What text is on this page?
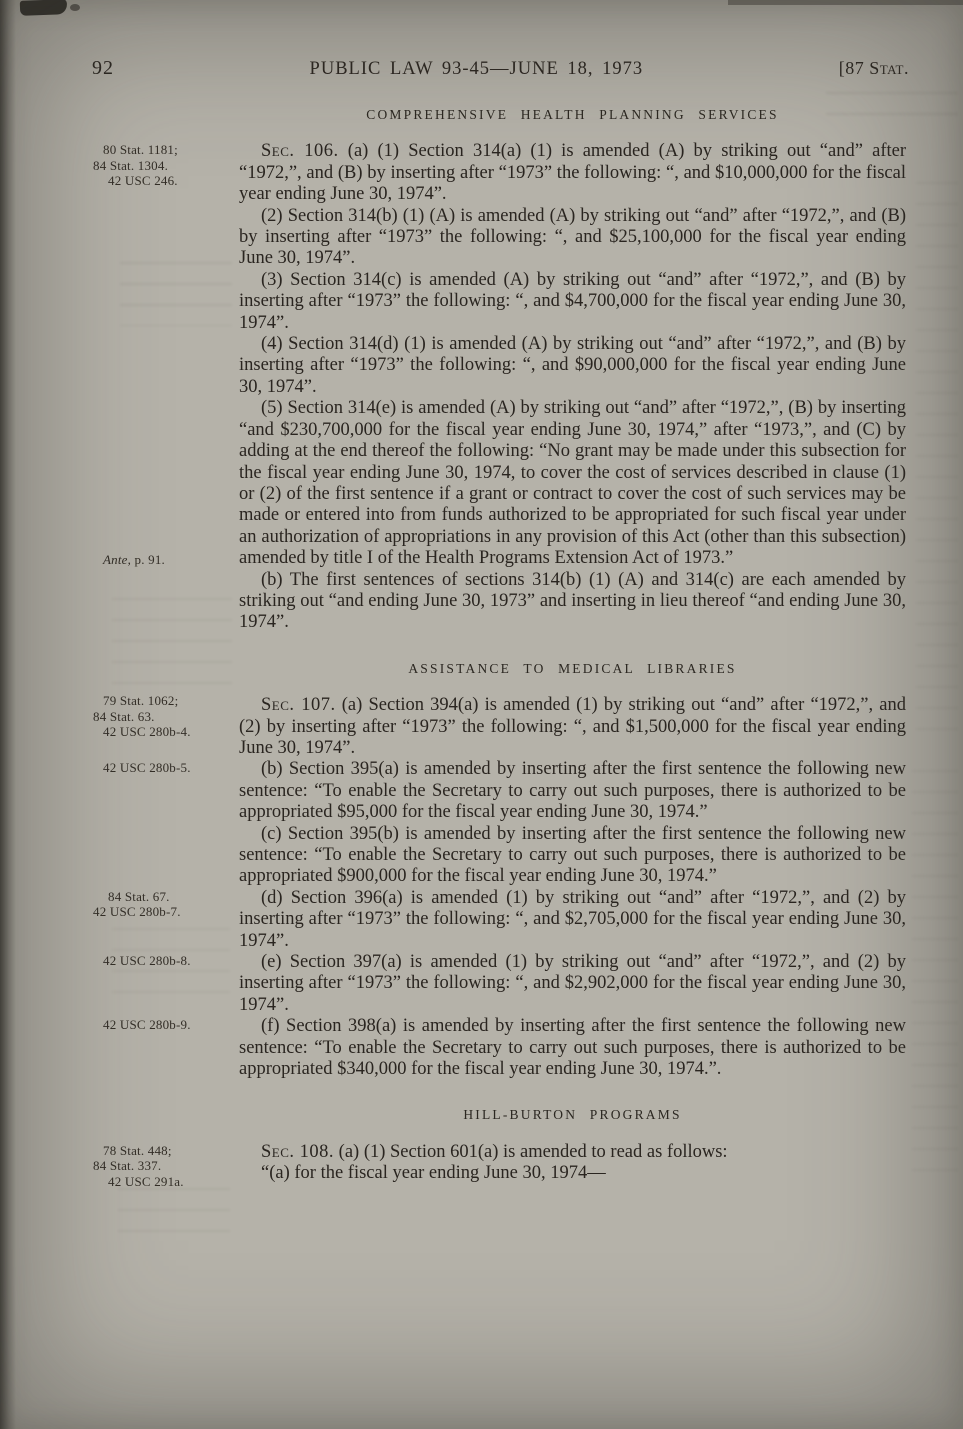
92	PUBLIC LAW 93-45—JUNE 18, 1973	[87 Stat.
COMPREHENSIVE HEALTH PLANNING SERVICES

80 Stat. 1181;
84 Stat. 1304.
42 USC 246.
Sec. 106. (a) (1) Section 314(a) (1) is amended (A) by striking out “and” after “1972,”, and (B) by inserting after “1973” the following: “, and $10,000,000 for the fiscal year ending June 30, 1974”.

(2) Section 314(b) (1) (A) is amended (A) by striking out “and” after “1972,”, and (B) by inserting after “1973” the following: “, and $25,100,000 for the fiscal year ending June 30, 1974”.

(3) Section 314(c) is amended (A) by striking out “and” after “1972,”, and (B) by inserting after “1973” the following: “, and $4,700,000 for the fiscal year ending June 30, 1974”.

(4) Section 314(d) (1) is amended (A) by striking out “and” after “1972,”, and (B) by inserting after “1973” the following: “, and $90,000,000 for the fiscal year ending June 30, 1974”.

Ante, p. 91.
(5) Section 314(e) is amended (A) by striking out “and” after “1972,”, (B) by inserting “and $230,700,000 for the fiscal year ending June 30, 1974,” after “1973,”, and (C) by adding at the end thereof the following: “No grant may be made under this subsection for the fiscal year ending June 30, 1974, to cover the cost of services described in clause (1) or (2) of the first sentence if a grant or contract to cover the cost of such services may be made or entered into from funds authorized to be appropriated for such fiscal year under an authorization of appropriations in any provision of this Act (other than this subsection) amended by title I of the Health Programs Extension Act of 1973.”

(b) The first sentences of sections 314(b) (1) (A) and 314(c) are each amended by striking out “and ending June 30, 1973” and inserting in lieu thereof “and ending June 30, 1974”.

ASSISTANCE TO MEDICAL LIBRARIES

79 Stat. 1062;
84 Stat. 63.
42 USC 280b-4.
Sec. 107. (a) Section 394(a) is amended (1) by striking out “and” after “1972,”, and (2) by inserting after “1973” the following: “, and $1,500,000 for the fiscal year ending June 30, 1974”.

42 USC 280b-5.	(b) Section 395(a) is amended by inserting after the first sentence the following new sentence: “To enable the Secretary to carry out such purposes, there is authorized to be appropriated $95,000 for the fiscal year ending June 30, 1974.”

(c) Section 395(b) is amended by inserting after the first sentence the following new sentence: “To enable the Secretary to carry out such purposes, there is authorized to be appropriated $900,000 for the fiscal year ending June 30, 1974.”

84 Stat. 67.
42 USC 280b-7.
(d) Section 396(a) is amended (1) by striking out “and” after “1972,”, and (2) by inserting after “1973” the following: “, and $2,705,000 for the fiscal year ending June 30, 1974”.

42 USC 280b-8.	(e) Section 397(a) is amended (1) by striking out “and” after “1972,”, and (2) by inserting after “1973” the following: “, and $2,902,000 for the fiscal year ending June 30, 1974”.

42 USC 280b-9.	(f) Section 398(a) is amended by inserting after the first sentence the following new sentence: “To enable the Secretary to carry out such purposes, there is authorized to be appropriated $340,000 for the fiscal year ending June 30, 1974.”.

HILL-BURTON PROGRAMS

78 Stat. 448;
84 Stat. 337.
42 USC 291a.
Sec. 108. (a) (1) Section 601(a) is amended to read as follows:

“(a) for the fiscal year ending June 30, 1974—
